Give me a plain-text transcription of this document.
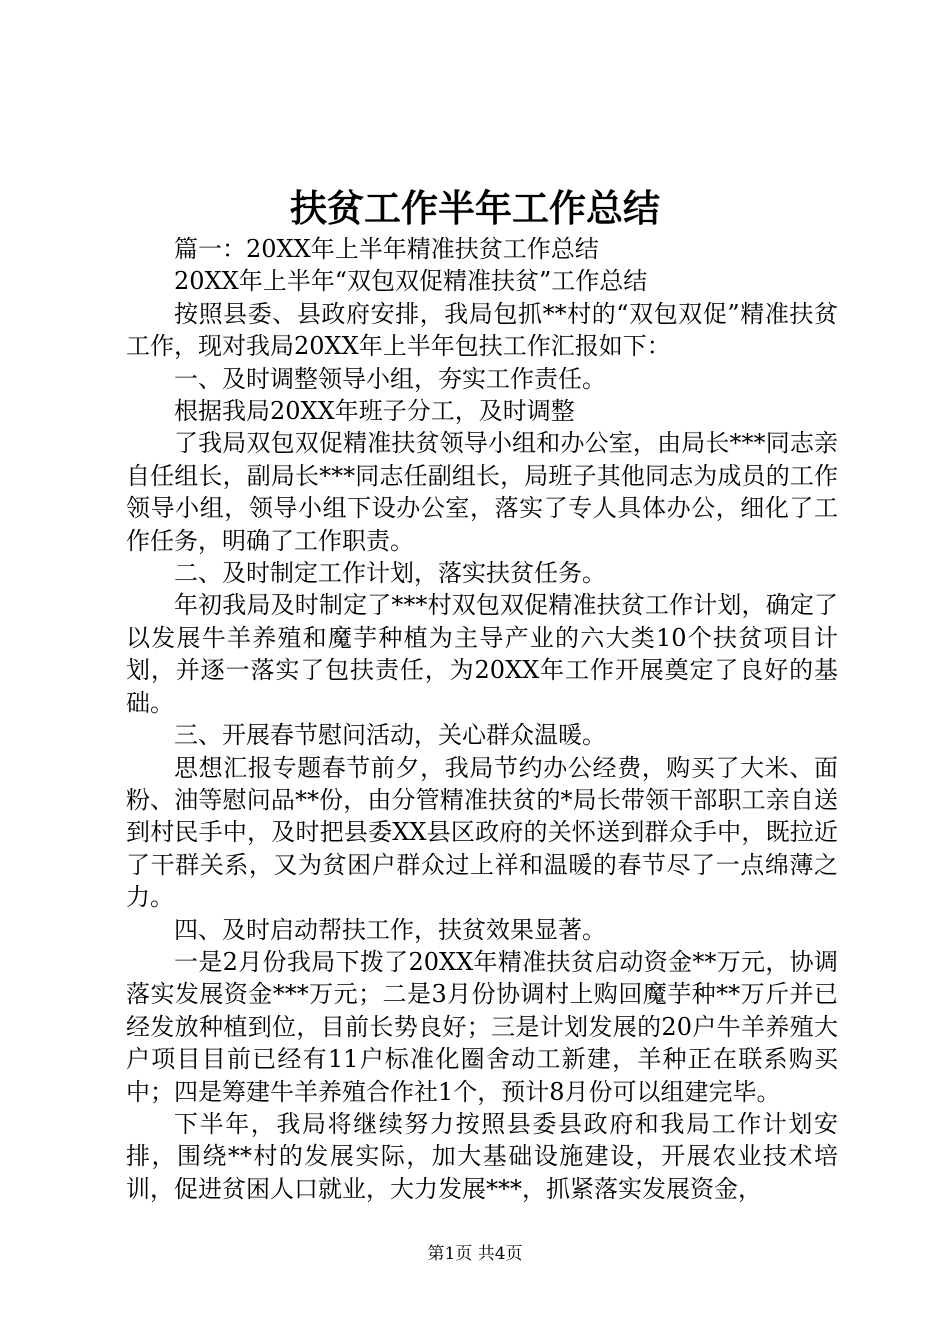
扶贫工作半年工作总结

篇一：20XX年上半年精准扶贫工作总结

20XX年上半年“双包双促精准扶贫”工作总结

按照县委、县政府安排，我局包抓**村的“双包双促”精准扶贫工作，现对我局20XX年上半年包扶工作汇报如下：

一、及时调整领导小组，夯实工作责任。

根据我局20XX年班子分工，及时调整

了我局双包双促精准扶贫领导小组和办公室，由局长***同志亲自任组长，副局长***同志任副组长，局班子其他同志为成员的工作领导小组，领导小组下设办公室，落实了专人具体办公，细化了工作任务，明确了工作职责。

二、及时制定工作计划，落实扶贫任务。

年初我局及时制定了***村双包双促精准扶贫工作计划，确定了以发展牛羊养殖和魔芋种植为主导产业的六大类10个扶贫项目计划，并逐一落实了包扶责任，为20XX年工作开展奠定了良好的基础。

三、开展春节慰问活动，关心群众温暖。

思想汇报专题春节前夕，我局节约办公经费，购买了大米、面粉、油等慰问品**份，由分管精准扶贫的*局长带领干部职工亲自送到村民手中，及时把县委XX县区政府的关怀送到群众手中，既拉近了干群关系，又为贫困户群众过上祥和温暖的春节尽了一点绵薄之力。

四、及时启动帮扶工作，扶贫效果显著。

一是2月份我局下拨了20XX年精准扶贫启动资金**万元，协调落实发展资金***万元；二是3月份协调村上购回魔芋种**万斤并已经发放种植到位，目前长势良好；三是计划发展的20户牛羊养殖大户项目目前已经有11户标准化圈舍动工新建，羊种正在联系购买中；四是筹建牛羊养殖合作社1个，预计8月份可以组建完毕。

下半年，我局将继续努力按照县委县政府和我局工作计划安排，围绕**村的发展实际，加大基础设施建设，开展农业技术培训，促进贫困人口就业，大力发展***，抓紧落实发展资金，

第1页 共4页
